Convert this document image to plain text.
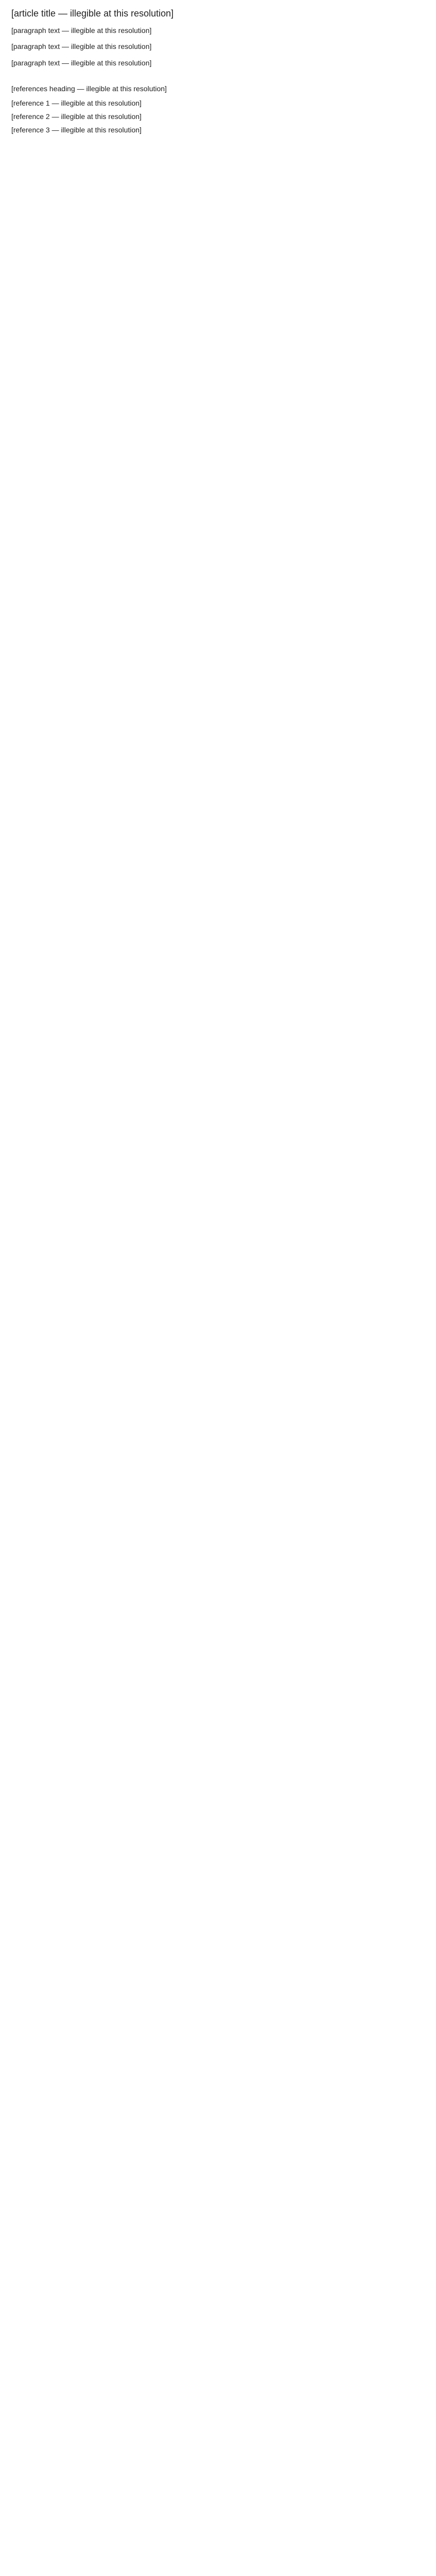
[article title — illegible at this resolution]

[paragraph text — illegible at this resolution]

[paragraph text — illegible at this resolution]

[paragraph text — illegible at this resolution]

[references heading — illegible at this resolution]
[reference 1 — illegible at this resolution]
[reference 2 — illegible at this resolution]
[reference 3 — illegible at this resolution]
